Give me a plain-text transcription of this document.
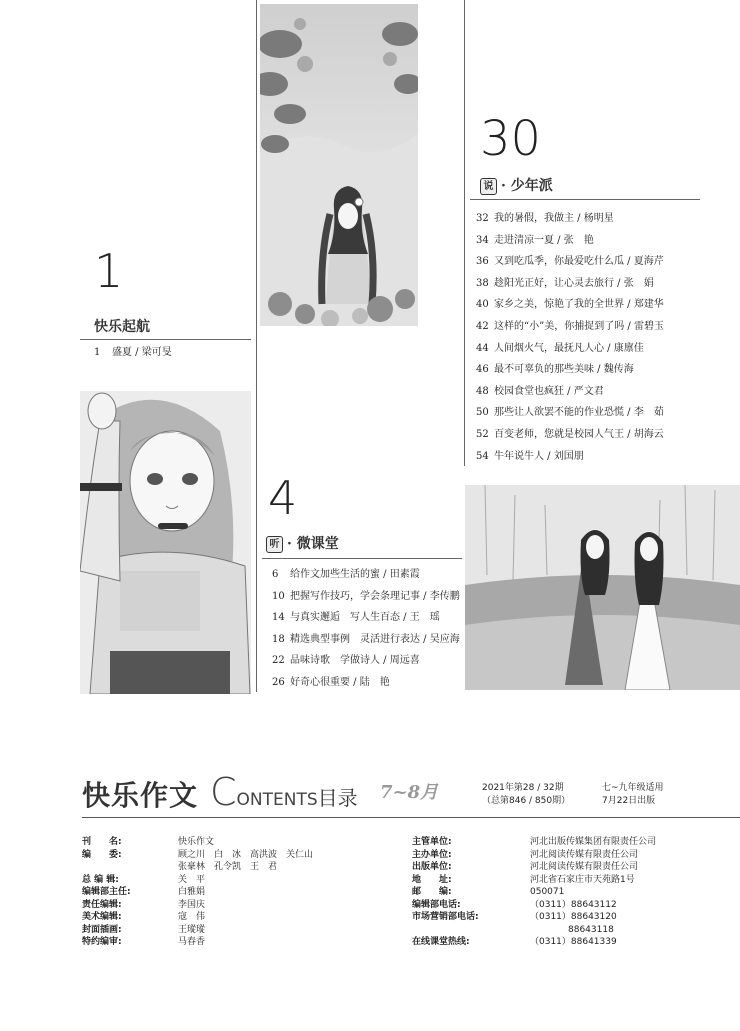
1
快乐起航
1 盛夏 / 梁可旻
30
说 · 少年派
32 我的暑假，我做主 / 杨明星
34 走进清凉一夏 / 张　艳
36 又到吃瓜季，你最爱吃什么瓜 / 夏海芹
38 趁阳光正好，让心灵去旅行 / 张　娟
40 家乡之美，惊艳了我的全世界 / 郑建华
42 这样的“小”美，你捕捉到了吗 / 雷碧玉
44 人间烟火气，最抚凡人心 / 康廪佳
46 最不可辜负的那些美味 / 魏传海
48 校园食堂也疯狂 / 严文君
50 那些让人欲罢不能的作业恐慌 / 李　茹
52 百变老师，您就是校园人气王 / 胡海云
54 牛年说牛人 / 刘国朋
4
听 · 微课堂
6 给作文加些生活的蜜 / 田素霞
10 把握写作技巧，学会条理记事 / 李传鹏
14 与真实邂逅　写人生百态 / 王　瑶
18 精选典型事例　灵活进行表达 / 吴应海
22 品味诗歌　学做诗人 / 周远喜
26 好奇心很重要 / 陆　艳
快乐作文 CONTENTS目录 7~8月	2021年第28 / 32期
（总第846 / 850期）
七~九年级适用
7月22日出版
刊　　名:	快乐作文
编　　委:	顾之川　白　冰　高洪波　关仁山
张豪林　孔令凯　王　君
总 编 辑:	关　平
编辑部主任:	白雅娟
责任编辑:	李国庆
美术编辑:	寇　伟
封面插画:	王瑽瑽
特约编审:	马春香
主管单位:	河北出版传媒集团有限责任公司
主办单位:	河北阅读传媒有限责任公司
出版单位:	河北阅读传媒有限责任公司
地　　址:	河北省石家庄市天苑路1号
邮　　编:	050071
编辑部电话:	（0311）88643112
市场营销部电话:	（0311）88643120
88643118
在线课堂热线:	（0311）88641339
